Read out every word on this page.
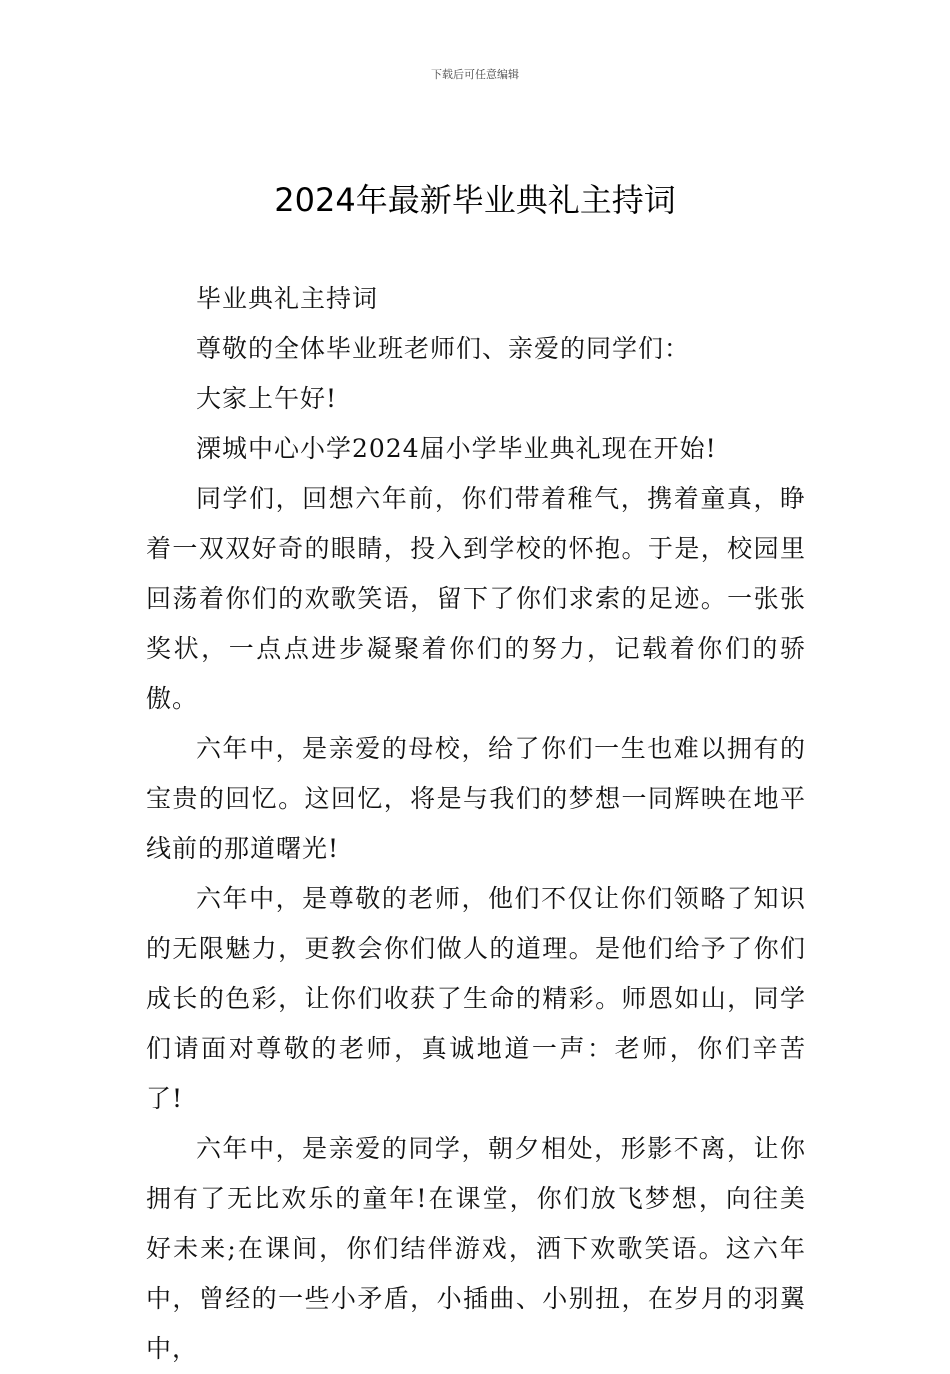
下载后可任意编辑
2024年最新毕业典礼主持词

毕业典礼主持词

尊敬的全体毕业班老师们、亲爱的同学们：

大家上午好!

溧城中心小学2024届小学毕业典礼现在开始!

同学们，回想六年前，你们带着稚气，携着童真，睁着一双双好奇的眼睛，投入到学校的怀抱。于是，校园里回荡着你们的欢歌笑语，留下了你们求索的足迹。一张张奖状，一点点进步凝聚着你们的努力，记载着你们的骄傲。

六年中，是亲爱的母校，给了你们一生也难以拥有的宝贵的回忆。这回忆，将是与我们的梦想一同辉映在地平线前的那道曙光!

六年中，是尊敬的老师，他们不仅让你们领略了知识的无限魅力，更教会你们做人的道理。是他们给予了你们成长的色彩，让你们收获了生命的精彩。师恩如山，同学们请面对尊敬的老师，真诚地道一声：老师，你们辛苦了!

六年中，是亲爱的同学，朝夕相处，形影不离，让你拥有了无比欢乐的童年!在课堂，你们放飞梦想，向往美好未来;在课间，你们结伴游戏，洒下欢歌笑语。这六年中，曾经的一些小矛盾，小插曲、小别扭，在岁月的羽翼中，
